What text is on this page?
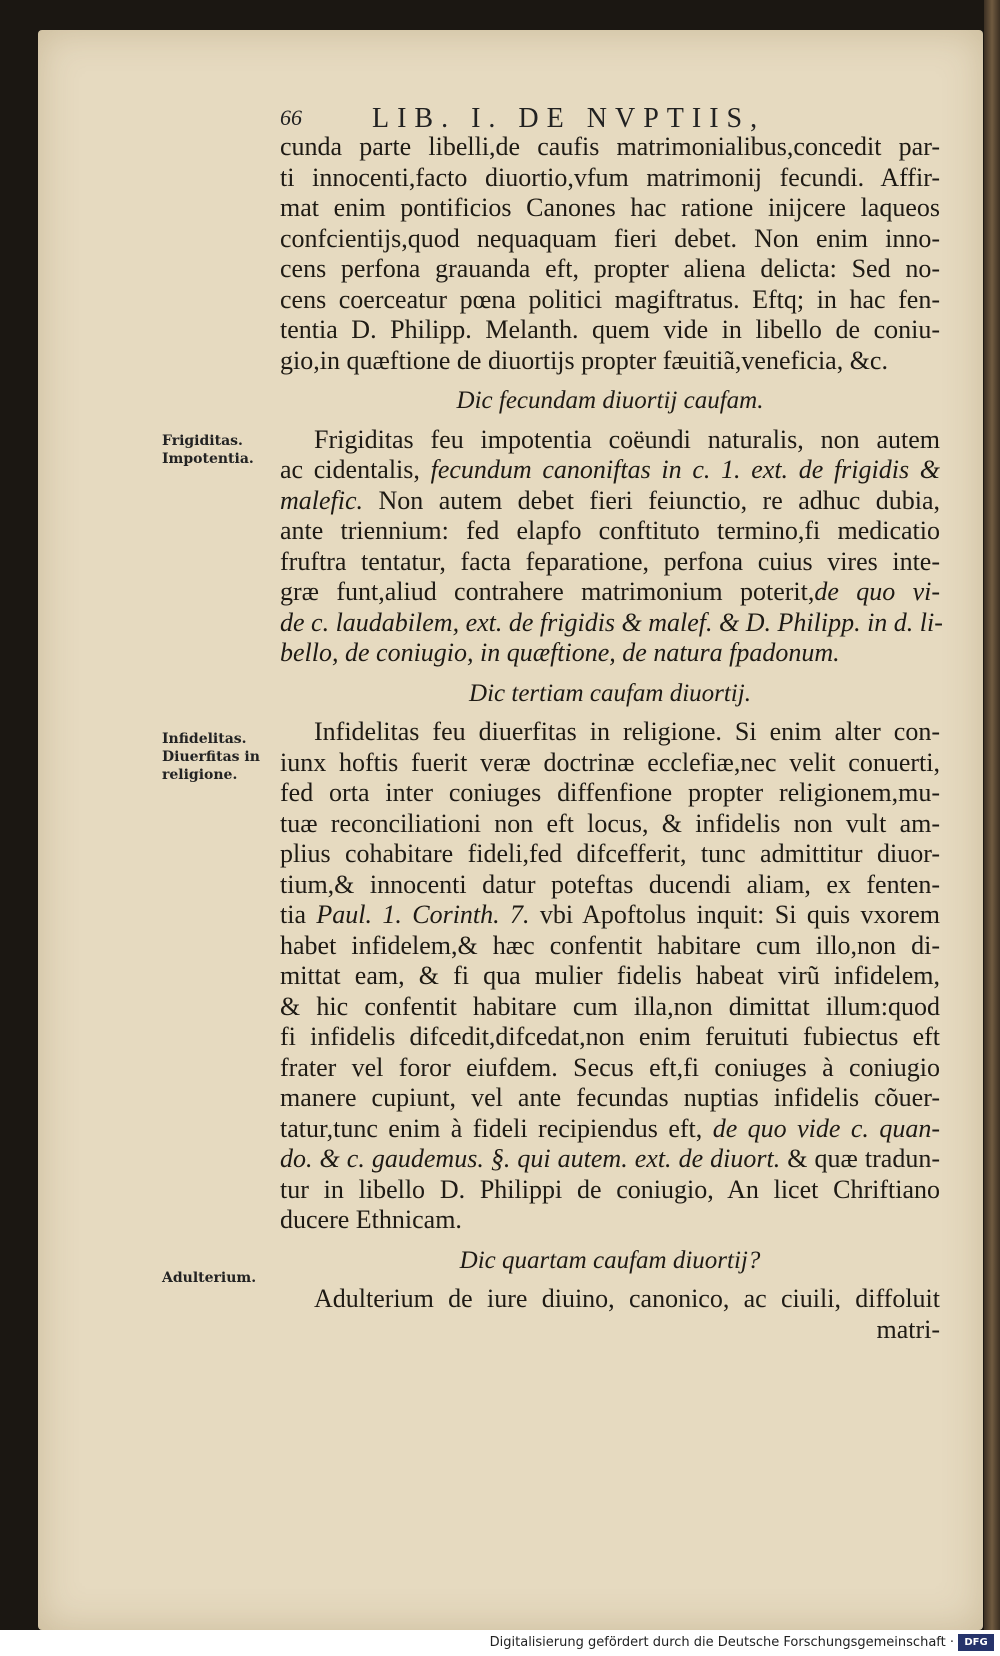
66	LIB. I. DE NVPTIIS,
Frigiditas.
Impotentia.
Infidelitas.
Diuerfitas in
religione.
Adulterium.
cunda parte libelli,de caufis matrimonialibus,concedit par-
ti innocenti,facto diuortio,vfum matrimonij fecundi. Affir-
mat enim pontificios Canones hac ratione inijcere laqueos
confcientijs,quod nequaquam fieri debet. Non enim inno-
cens perfona grauanda eft, propter aliena delicta: Sed no-
cens coerceatur pœna politici magiftratus. Eftq; in hac fen-
tentia D. Philipp. Melanth. quem vide in libello de coniu-
gio,in quæftione de diuortijs propter fæuitiã,veneficia, &c.
Dic fecundam diuortij caufam.
Frigiditas feu impotentia coëundi naturalis, non autem
ac cidentalis, fecundum canoniftas in c. 1. ext. de frigidis &
malefic. Non autem debet fieri feiunctio, re adhuc dubia,
ante triennium: fed elapfo conftituto termino,fi medicatio
fruftra tentatur, facta feparatione, perfona cuius vires inte-
græ funt,aliud contrahere matrimonium poterit,de quo vi-
de c. laudabilem, ext. de frigidis & malef. & D. Philipp. in d. li-
bello, de coniugio, in quæftione, de natura fpadonum.
Dic tertiam caufam diuortij.
Infidelitas feu diuerfitas in religione. Si enim alter con-
iunx hoftis fuerit veræ doctrinæ ecclefiæ,nec velit conuerti,
fed orta inter coniuges diffenfione propter religionem,mu-
tuæ reconciliationi non eft locus, & infidelis non vult am-
plius cohabitare fideli,fed difcefferit, tunc admittitur diuor-
tium,& innocenti datur poteftas ducendi aliam, ex fenten-
tia Paul. 1. Corinth. 7. vbi Apoftolus inquit: Si quis vxorem
habet infidelem,& hæc confentit habitare cum illo,non di-
mittat eam, & fi qua mulier fidelis habeat virũ infidelem,
& hic confentit habitare cum illa,non dimittat illum:quod
fi infidelis difcedit,difcedat,non enim feruituti fubiectus eft
frater vel foror eiufdem. Secus eft,fi coniuges à coniugio
manere cupiunt, vel ante fecundas nuptias infidelis cõuer-
tatur,tunc enim à fideli recipiendus eft, de quo vide c. quan-
do. & c. gaudemus. §. qui autem. ext. de diuort. & quæ tradun-
tur in libello D. Philippi de coniugio, An licet Chriftiano
ducere Ethnicam.
Dic quartam caufam diuortij?
Adulterium de iure diuino, canonico, ac ciuili, diffoluit
matri-
Digitalisierung gefördert durch die Deutsche Forschungsgemeinschaft ·	DFG
